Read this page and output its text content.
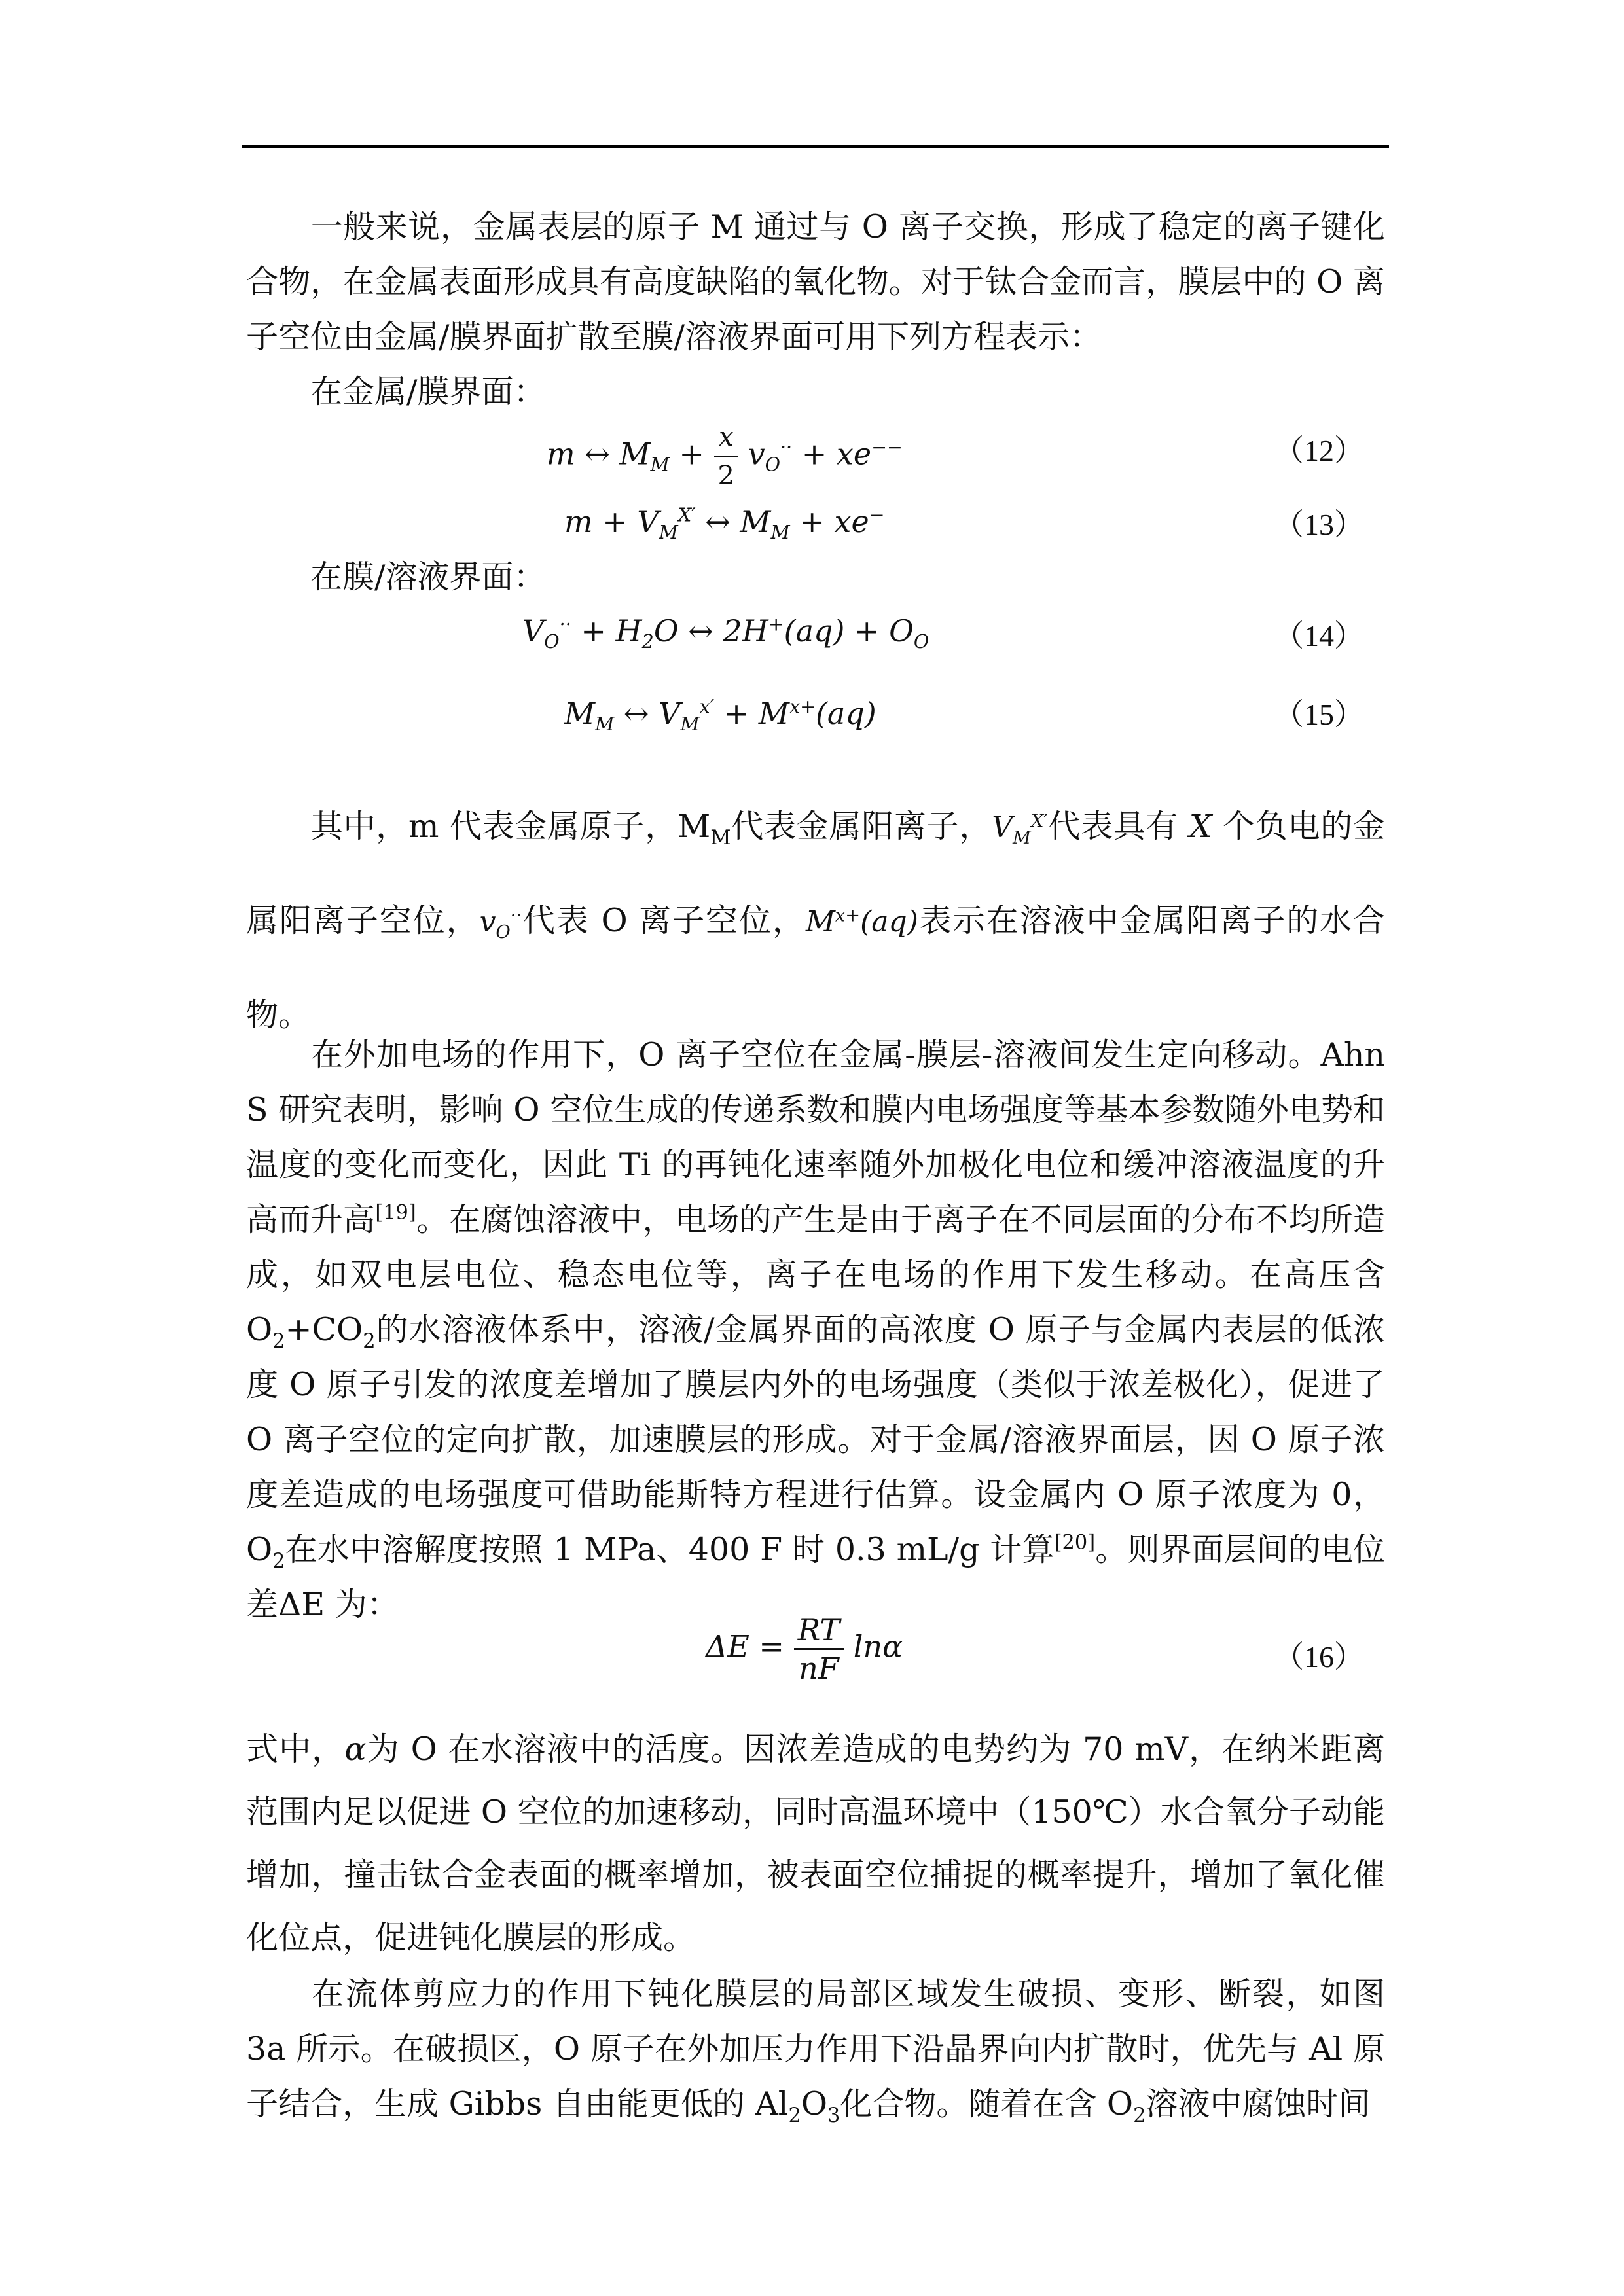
一般来说，金属表层的原子 M 通过与 O 离子交换，形成了稳定的离子键化合物，在金属表面形成具有高度缺陷的氧化物。对于钛合金而言，膜层中的 O 离子空位由金属/膜界面扩散至膜/溶液界面可用下列方程表示：

在金属/膜界面：

m ↔ $M_M + \frac{x}{2} v_O^{\cdot\cdot} + xe^{--}$	（12）
$m + V_M^{X'}$ ↔ $M_M + xe^-$	（13）

在膜/溶液界面：

$V_O^{\cdot\cdot} + H_2O$ ↔ $2H^+(aq) + O_O$	（14）
$M_M$ ↔ $V_M^{x'} + M^{x+}(aq)$	（15）

其中，m 代表金属原子，$M_M$代表金属阳离子，$V_M^{X'}$代表具有 X 个负电的金属阳离子空位，$v_O^{\cdot\cdot}$代表 O 离子空位，$M^{x+}(aq)$表示在溶液中金属阳离子的水合物。

在外加电场的作用下，O 离子空位在金属-膜层-溶液间发生定向移动。Ahn S 研究表明，影响 O 空位生成的传递系数和膜内电场强度等基本参数随外电势和温度的变化而变化，因此 Ti 的再钝化速率随外加极化电位和缓冲溶液温度的升高而升高[19]。在腐蚀溶液中，电场的产生是由于离子在不同层面的分布不均所造成，如双电层电位、稳态电位等，离子在电场的作用下发生移动。在高压含 $O_2+CO_2$的水溶液体系中，溶液/金属界面的高浓度 O 原子与金属内表层的低浓度 O 原子引发的浓度差增加了膜层内外的电场强度（类似于浓差极化），促进了 O 离子空位的定向扩散，加速膜层的形成。对于金属/溶液界面层，因 O 原子浓度差造成的电场强度可借助能斯特方程进行估算。设金属内 O 原子浓度为 0，$O_2$在水中溶解度按照 1 MPa、400 F 时 0.3 mL/g 计算[20]。则界面层间的电位差ΔE 为：

$\Delta E = \frac{RT}{nF}$ lnα	（16）

式中，α为 O 在水溶液中的活度。因浓差造成的电势约为 70 mV，在纳米距离范围内足以促进 O 空位的加速移动，同时高温环境中（150℃）水合氧分子动能增加，撞击钛合金表面的概率增加，被表面空位捕捉的概率提升，增加了氧化催化位点，促进钝化膜层的形成。

在流体剪应力的作用下钝化膜层的局部区域发生破损、变形、断裂，如图 3a 所示。在破损区，O 原子在外加压力作用下沿晶界向内扩散时，优先与 Al 原子结合，生成 Gibbs 自由能更低的 $Al_2O_3$化合物。随着在含 $O_2$溶液中腐蚀时间
